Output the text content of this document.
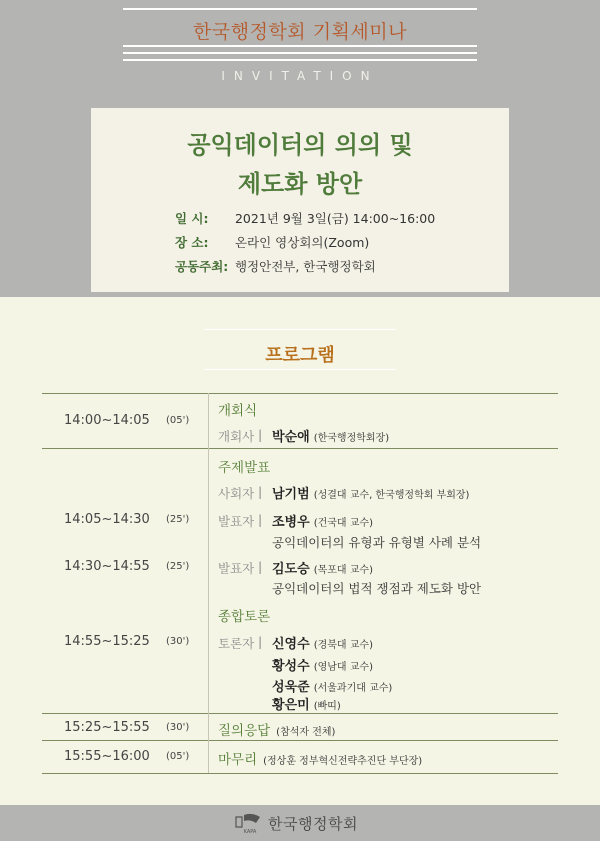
한국행정학회 기획세미나
INVITATION
공익데이터의 의의 및
제도화 방안
일 시: 2021년 9월 3일(금) 14:00~16:00
장 소: 온라인 영상회의(Zoom)
공동주최: 행정안전부, 한국행정학회
프로그램
개회식
14:00~14:05 (05')
개회사 | 박순애 (한국행정학회장)
주제발표
사회자 | 남기범 (성결대 교수, 한국행정학회 부회장)
14:05~14:30 (25') 발표자 | 조병우 (건국대 교수)
공익데이터의 유형과 유형별 사례 분석
14:30~14:55 (25') 발표자 | 김도승 (목포대 교수)
공익데이터의 법적 쟁점과 제도화 방안
종합토론
14:55~15:25 (30') 토론자 | 신영수 (경북대 교수)
황성수 (영남대 교수)
성욱준 (서울과기대 교수)
황은미 (빠띠)
15:25~15:55 (30') 질의응답 (참석자 전체)
15:55~16:00 (05') 마무리 (정상훈 정부혁신전략추진단 부단장)
KAPA 한국행정학회
